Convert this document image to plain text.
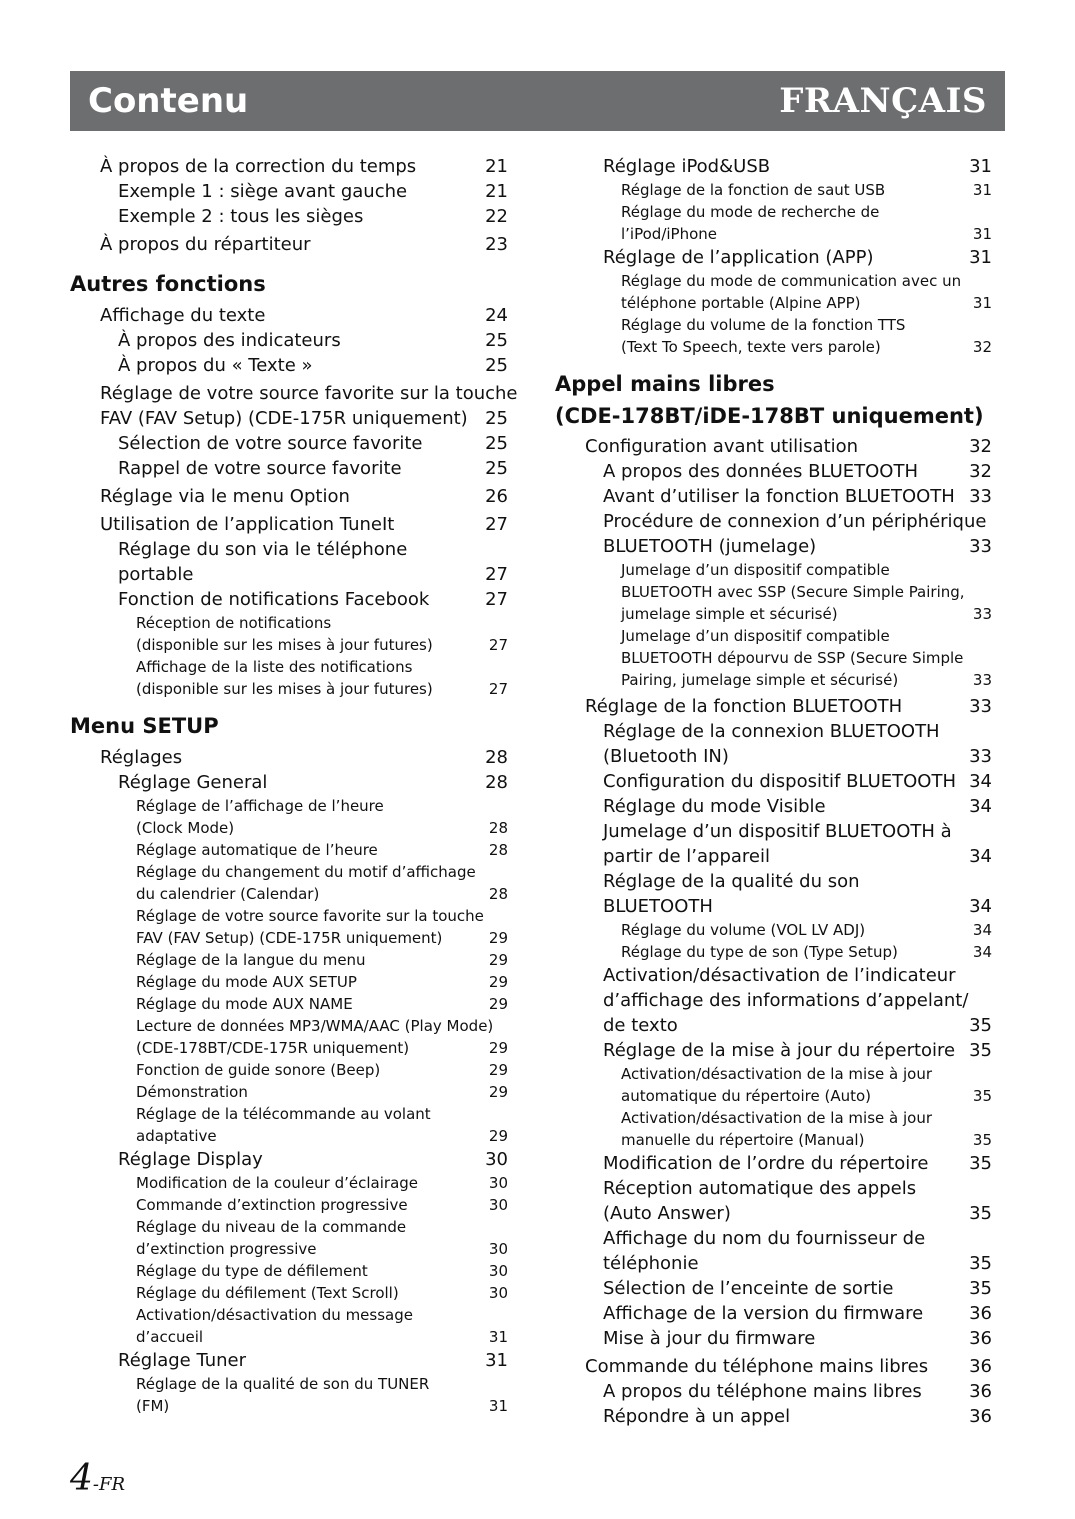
Contenu	FRANÇAIS
À propos de la correction du temps	21
Exemple 1 : siège avant gauche	21
Exemple 2 : tous les sièges	22
À propos du répartiteur	23
Autres fonctions
Affichage du texte	24
À propos des indicateurs	25
À propos du « Texte »	25
Réglage de votre source favorite sur la touche
FAV (FAV Setup) (CDE-175R uniquement) 25
Sélection de votre source favorite	25
Rappel de votre source favorite	25
Réglage via le menu Option	26
Utilisation de l’application TuneIt	27
Réglage du son via le téléphone
portable	27
Fonction de notifications Facebook	27
Réception de notifications
(disponible sur les mises à jour futures)	27
Affichage de la liste des notifications
(disponible sur les mises à jour futures)	27
Menu SETUP
Réglages	28
Réglage General	28
Réglage de l’affichage de l’heure
(Clock Mode)	28
Réglage automatique de l’heure	28
Réglage du changement du motif d’affichage
du calendrier (Calendar)	28
Réglage de votre source favorite sur la touche
FAV (FAV Setup) (CDE-175R uniquement)	29
Réglage de la langue du menu	29
Réglage du mode AUX SETUP	29
Réglage du mode AUX NAME	29
Lecture de données MP3/WMA/AAC (Play Mode)
(CDE-178BT/CDE-175R uniquement)	29
Fonction de guide sonore (Beep)	29
Démonstration	29
Réglage de la télécommande au volant
adaptative	29
Réglage Display	30
Modification de la couleur d’éclairage	30
Commande d’extinction progressive	30
Réglage du niveau de la commande
d’extinction progressive	30
Réglage du type de défilement	30
Réglage du défilement (Text Scroll)	30
Activation/désactivation du message
d’accueil	31
Réglage Tuner	31
Réglage de la qualité de son du TUNER
(FM)	31
Réglage iPod&USB	31
Réglage de la fonction de saut USB	31
Réglage du mode de recherche de
l’iPod/iPhone	31
Réglage de l’application (APP)	31
Réglage du mode de communication avec un
téléphone portable (Alpine APP)	31
Réglage du volume de la fonction TTS
(Text To Speech, texte vers parole)	32
Appel mains libres
(CDE-178BT/iDE-178BT uniquement)
Configuration avant utilisation	32
A propos des données BLUETOOTH	32
Avant d’utiliser la fonction BLUETOOTH 33
Procédure de connexion d’un périphérique
BLUETOOTH (jumelage)	33
Jumelage d’un dispositif compatible
BLUETOOTH avec SSP (Secure Simple Pairing,
jumelage simple et sécurisé)	33
Jumelage d’un dispositif compatible
BLUETOOTH dépourvu de SSP (Secure Simple
Pairing, jumelage simple et sécurisé)	33
Réglage de la fonction BLUETOOTH	33
Réglage de la connexion BLUETOOTH
(Bluetooth IN)	33
Configuration du dispositif BLUETOOTH 34
Réglage du mode Visible	34
Jumelage d’un dispositif BLUETOOTH à
partir de l’appareil	34
Réglage de la qualité du son
BLUETOOTH	34
Réglage du volume (VOL LV ADJ)	34
Réglage du type de son (Type Setup)	34
Activation/désactivation de l’indicateur
d’affichage des informations d’appelant/
de texto	35
Réglage de la mise à jour du répertoire 35
Activation/désactivation de la mise à jour
automatique du répertoire (Auto)	35
Activation/désactivation de la mise à jour
manuelle du répertoire (Manual)	35
Modification de l’ordre du répertoire 35
Réception automatique des appels
(Auto Answer)	35
Affichage du nom du fournisseur de
téléphonie	35
Sélection de l’enceinte de sortie	35
Affichage de la version du firmware	36
Mise à jour du firmware	36
Commande du téléphone mains libres 36
A propos du téléphone mains libres	36
Répondre à un appel	36
4-FR
